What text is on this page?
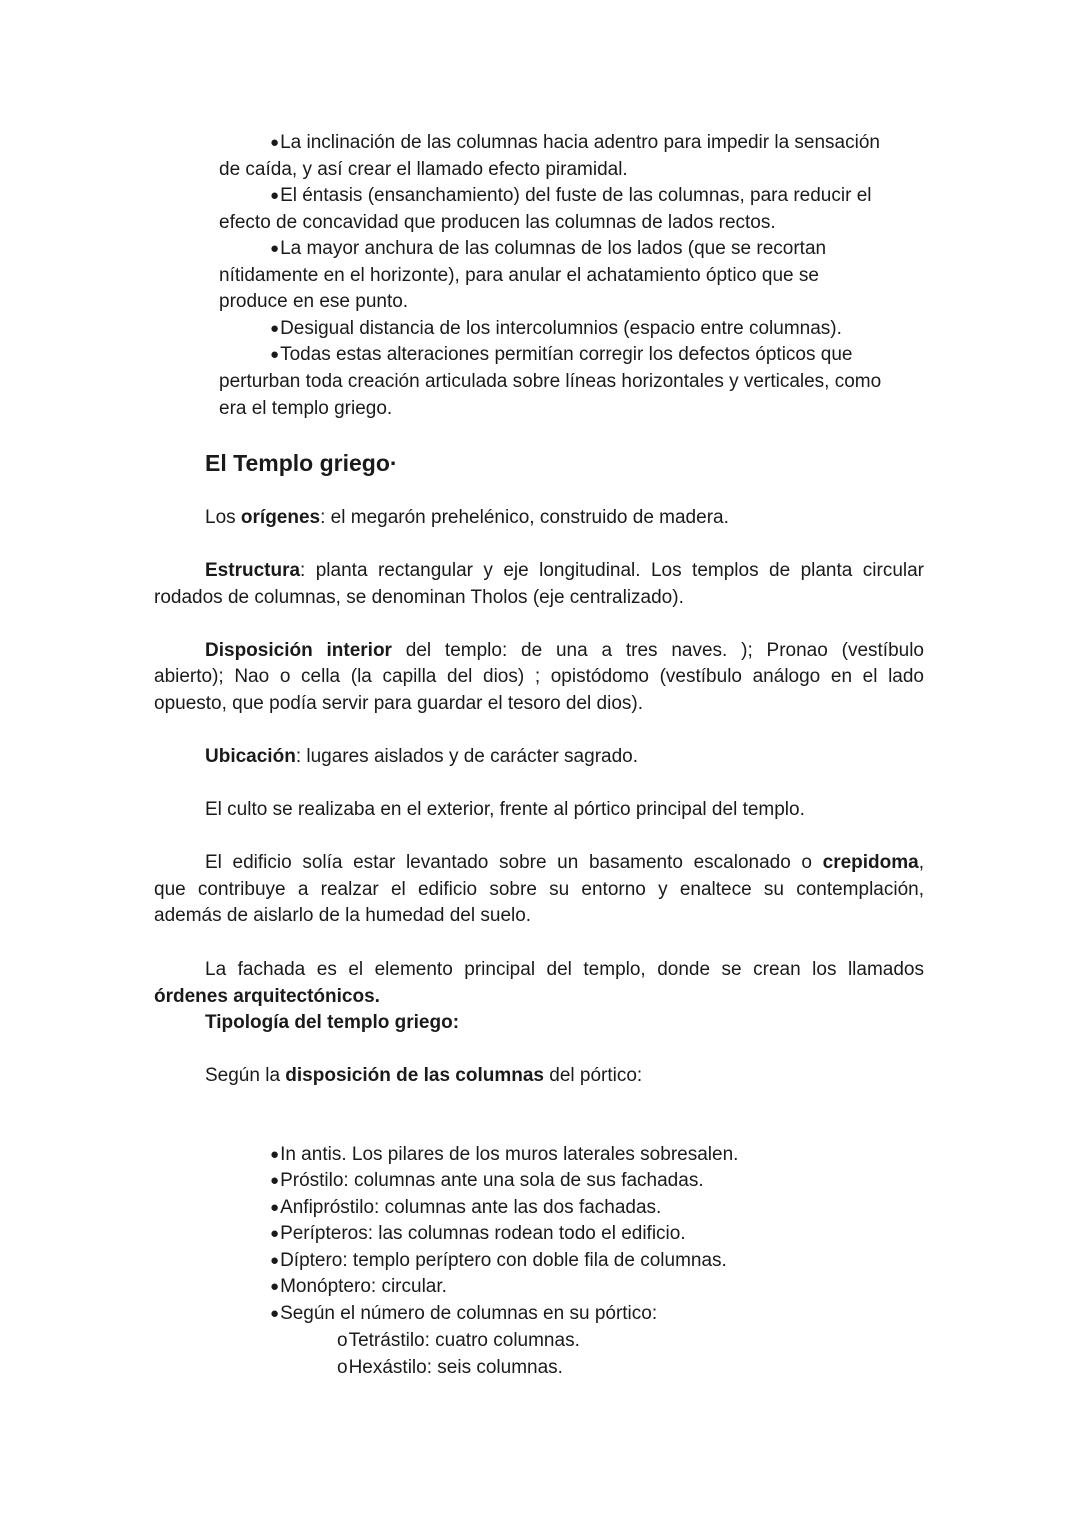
● La inclinación de las columnas hacia adentro para impedir la sensación
de caída, y así crear el llamado efecto piramidal.
● El éntasis (ensanchamiento) del fuste de las columnas, para reducir el
efecto de concavidad que producen las columnas de lados rectos.
● La mayor anchura de las columnas de los lados (que se recortan
nítidamente en el horizonte), para anular el achatamiento óptico que se
produce en ese punto.
● Desigual distancia de los intercolumnios (espacio entre columnas).
● Todas estas alteraciones permitían corregir los defectos ópticos que
perturban toda creación articulada sobre líneas horizontales y verticales, como
era el templo griego.
El Templo griego·
Los orígenes: el megarón prehelénico, construido de madera.
Estructura: planta rectangular y eje longitudinal. Los templos de planta circular
rodados de columnas, se denominan Tholos (eje centralizado).
Disposición interior del templo: de una a tres naves. ); Pronao (vestíbulo
abierto); Nao o cella (la capilla del dios) ; opistódomo (vestíbulo análogo en el lado
opuesto, que podía servir para guardar el tesoro del dios).
Ubicación: lugares aislados y de carácter sagrado.
El culto se realizaba en el exterior, frente al pórtico principal del templo.
El edificio solía estar levantado sobre un basamento escalonado o crepidoma,
que contribuye a realzar el edificio sobre su entorno y enaltece su contemplación,
además de aislarlo de la humedad del suelo.
La fachada es el elemento principal del templo, donde se crean los llamados
órdenes arquitectónicos.
Tipología del templo griego:
Según la disposición de las columnas del pórtico:
● In antis. Los pilares de los muros laterales sobresalen.
● Próstilo: columnas ante una sola de sus fachadas.
● Anfipróstilo: columnas ante las dos fachadas.
● Perípteros: las columnas rodean todo el edificio.
● Díptero: templo períptero con doble fila de columnas.
● Monóptero: circular.
● Según el número de columnas en su pórtico:
o Tetrástilo: cuatro columnas.
o Hexástilo: seis columnas.
